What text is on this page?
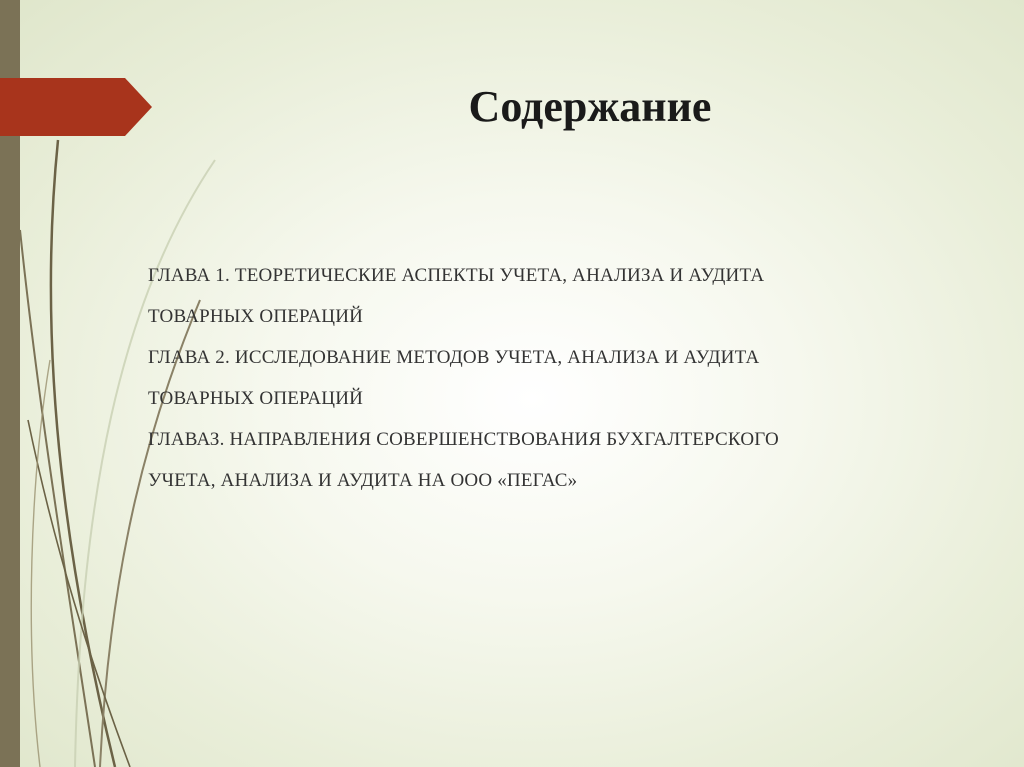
Содержание
ГЛАВА 1. ТЕОРЕТИЧЕСКИЕ АСПЕКТЫ УЧЕТА, АНАЛИЗА И АУДИТА
ТОВАРНЫХ ОПЕРАЦИЙ
ГЛАВА 2. ИССЛЕДОВАНИЕ МЕТОДОВ УЧЕТА, АНАЛИЗА И АУДИТА
ТОВАРНЫХ ОПЕРАЦИЙ
ГЛАВАЗ. НАПРАВЛЕНИЯ СОВЕРШЕНСТВОВАНИЯ БУХГАЛТЕРСКОГО
УЧЕТА, АНАЛИЗА И АУДИТА НА ООО «ПЕГАС»
